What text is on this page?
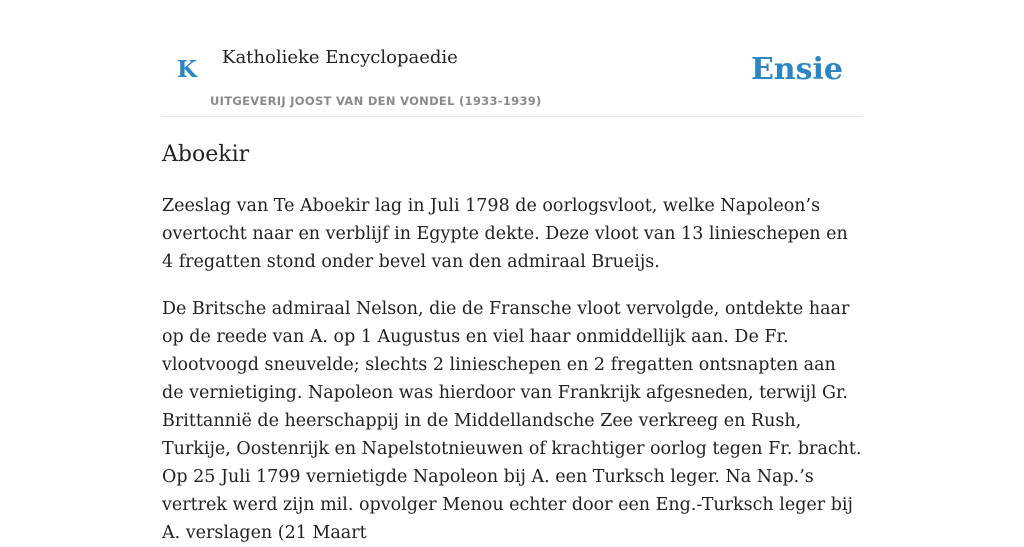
K Katholieke Encyclopaedie
UITGEVERIJ JOOST VAN DEN VONDEL (1933-1939)
Ensie
Aboekir

Zeeslag van Te Aboekir lag in Juli 1798 de oorlogsvloot, welke Napoleon’s overtocht naar en verblijf in Egypte dekte. Deze vloot van 13 linieschepen en 4 fregatten stond onder bevel van den admiraal Brueijs.

De Britsche admiraal Nelson, die de Fransche vloot vervolgde, ontdekte haar op de reede van A. op 1 Augustus en viel haar onmiddellijk aan. De Fr. vlootvoogd sneuvelde; slechts 2 linieschepen en 2 fregatten ontsnapten aan de vernietiging. Napoleon was hierdoor van Frankrijk afgesneden, terwijl Gr. Brittannië de heerschappij in de Middellandsche Zee verkreeg en Rush, Turkije, Oostenrijk en Napelstotnieuwen of krachtiger oorlog tegen Fr. bracht. Op 25 Juli 1799 vernietigde Napoleon bij A. een Turksch leger. Na Nap.’s vertrek werd zijn mil. opvolger Menou echter door een Eng.-Turksch leger bij A. verslagen (21 Maart
